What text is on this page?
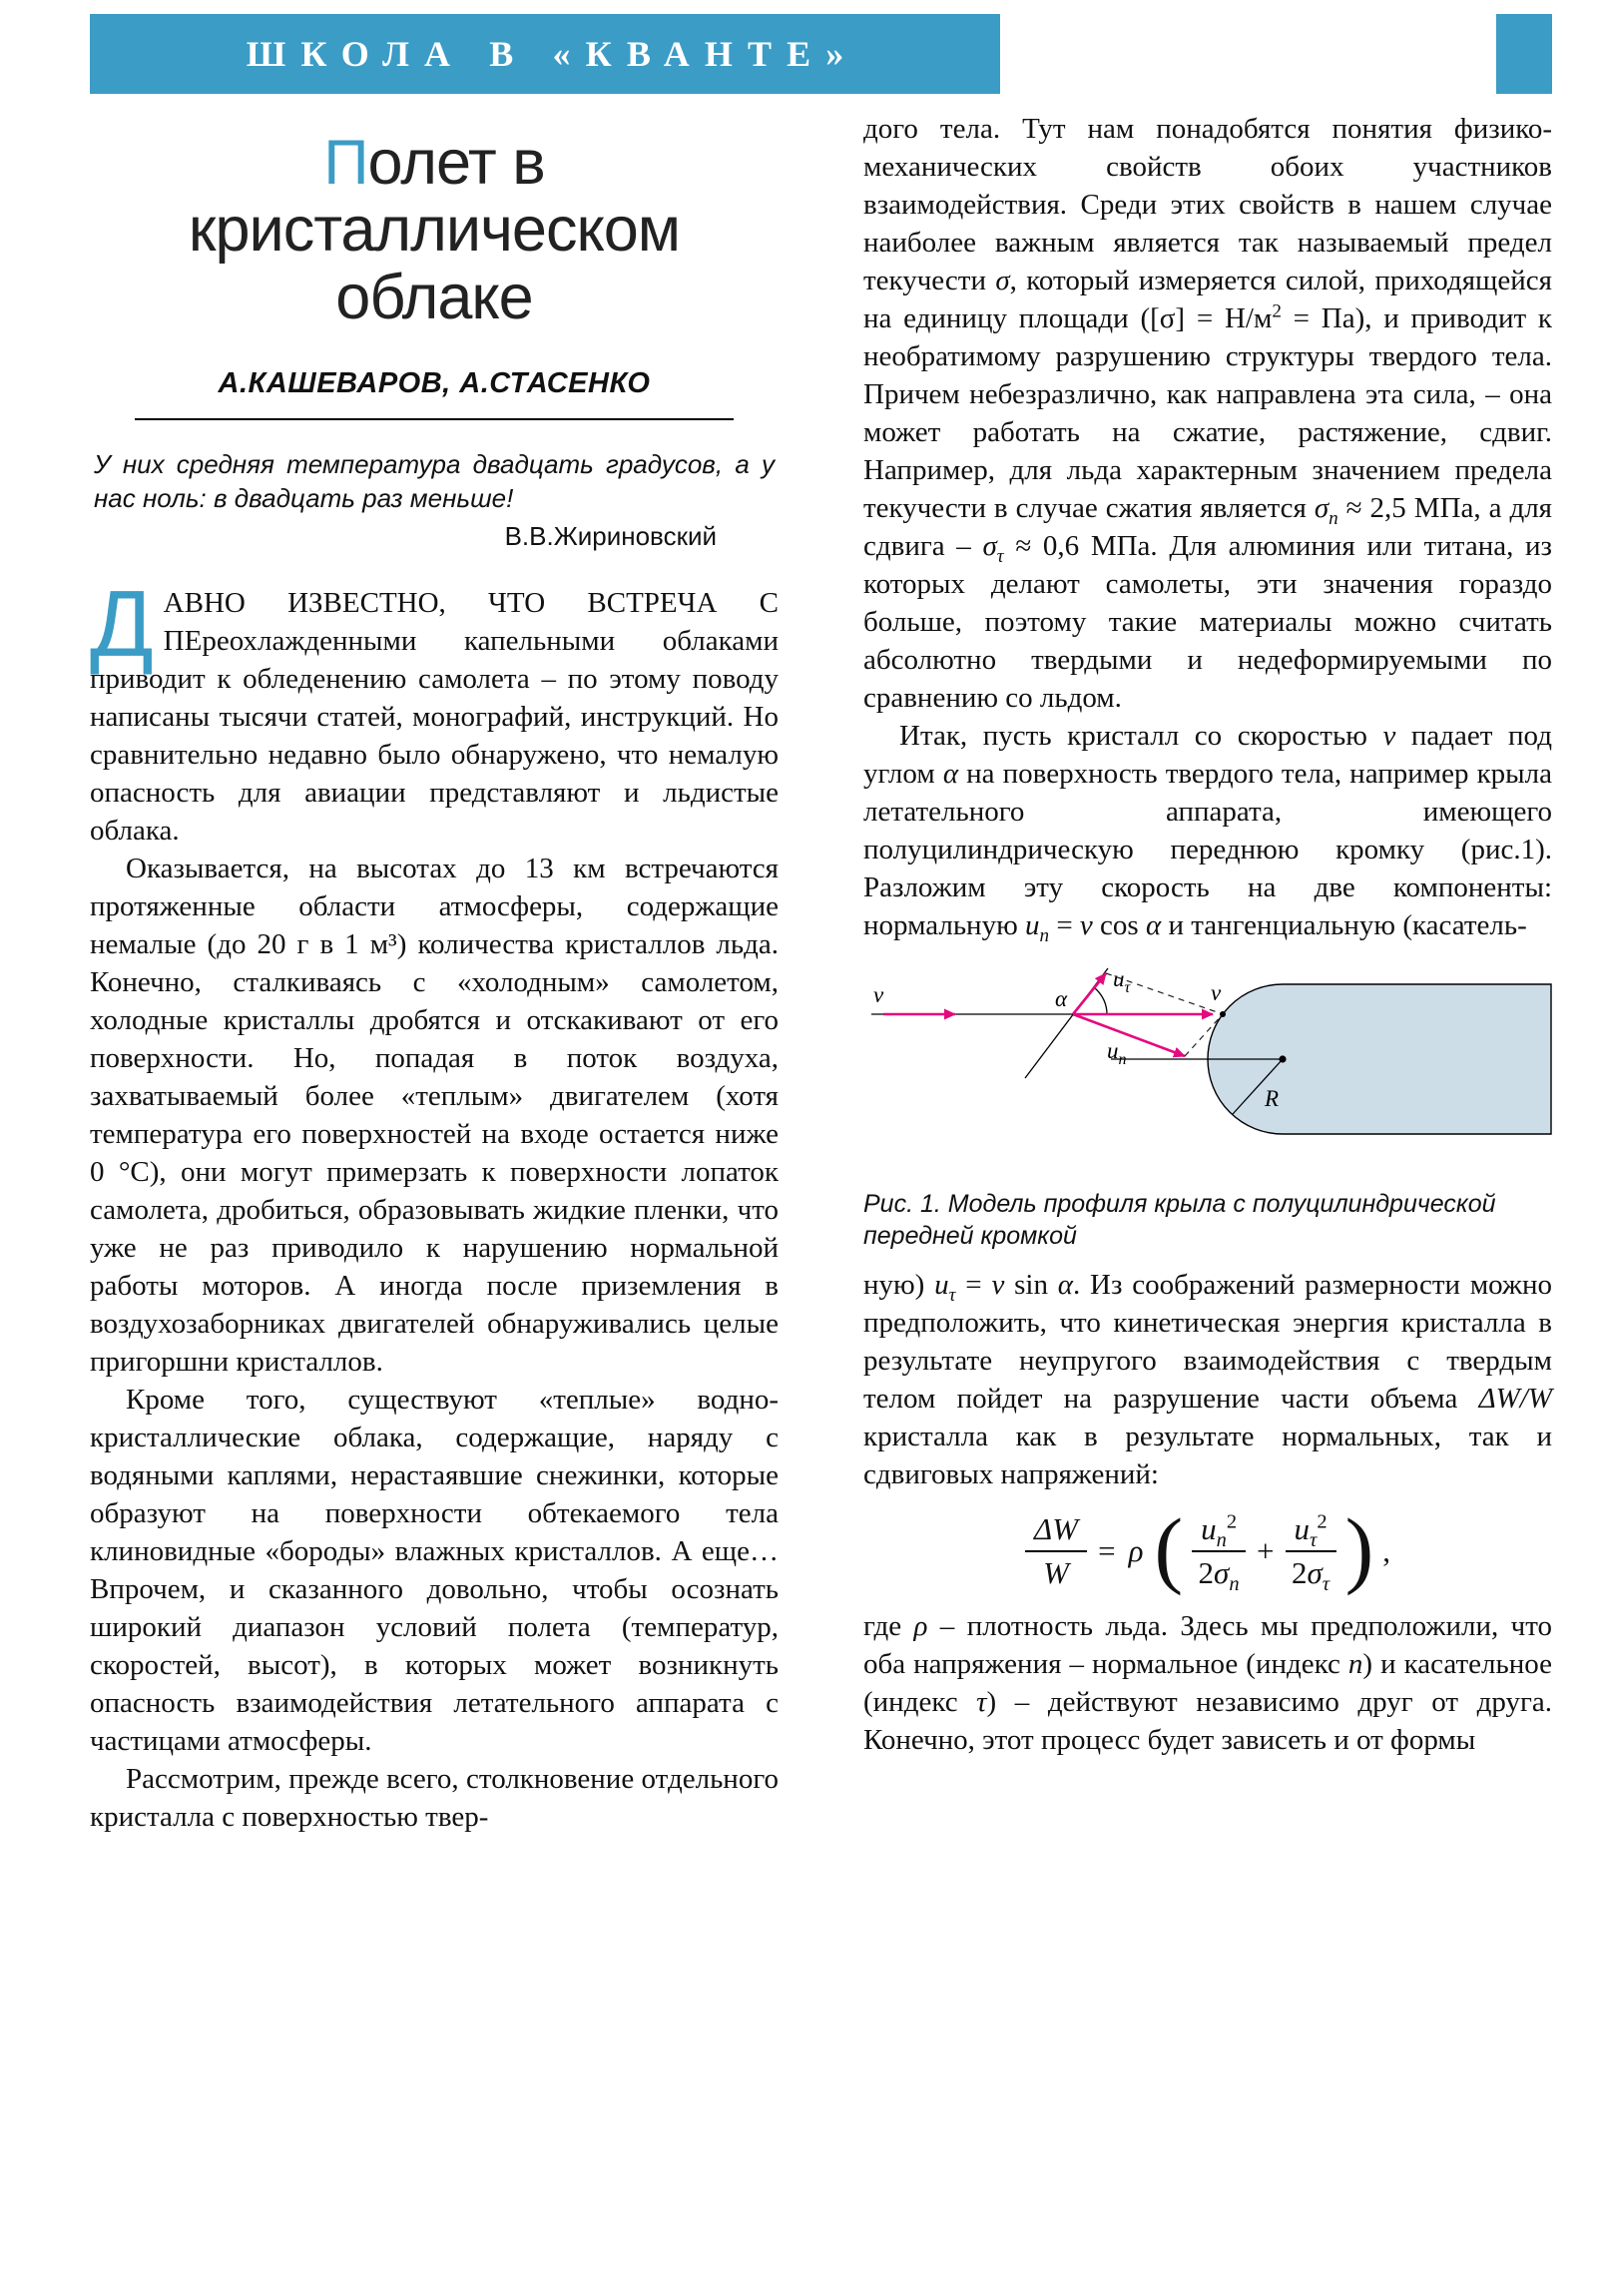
ШКОЛА В «КВАНТЕ»
Полет в кристаллическом облаке
А.КАШЕВАРОВ, А.СТАСЕНКО

У них средняя температура двадцать градусов, а у нас ноль: в двадцать раз меньше!

В.В.Жириновский

ДАВНО ИЗВЕСТНО, ЧТО ВСТРЕЧА С ПЕреохлажденными капельными облаками приводит к обледенению самолета – по этому поводу написаны тысячи статей, монографий, инструкций. Но сравнительно недавно было обнаружено, что немалую опасность для авиации представляют и льдистые облака.

Оказывается, на высотах до 13 км встречаются протяженные области атмосферы, содержащие немалые (до 20 г в 1 м³) количества кристаллов льда. Конечно, сталкиваясь с «холодным» самолетом, холодные кристаллы дробятся и отскакивают от его поверхности. Но, попадая в поток воздуха, захватываемый более «теплым» двигателем (хотя температура его поверхностей на входе остается ниже 0 °C), они могут примерзать к поверхности лопаток самолета, дробиться, образовывать жидкие пленки, что уже не раз приводило к нарушению нормальной работы моторов. А иногда после приземления в воздухозаборниках двигателей обнаруживались целые пригоршни кристаллов.

Кроме того, существуют «теплые» водно-кристаллические облака, содержащие, наряду с водяными каплями, нерастаявшие снежинки, которые образуют на поверхности обтекаемого тела клиновидные «бороды» влажных кристаллов. А еще… Впрочем, и сказанного довольно, чтобы осознать широкий диапазон условий полета (температур, скоростей, высот), в которых может возникнуть опасность взаимодействия летательного аппарата с частицами атмосферы.

Рассмотрим, прежде всего, столкновение отдельного кристалла с поверхностью твер-

дого тела. Тут нам понадобятся понятия физико-механических свойств обоих участников взаимодействия. Среди этих свойств в нашем случае наиболее важным является так называемый предел текучести σ, который измеряется силой, приходящейся на единицу площади $([\sigma] = Н/м^2 = Па)$, и приводит к необратимому разрушению структуры твердого тела. Причем небезразлично, как направлена эта сила, – она может работать на сжатие, растяжение, сдвиг. Например, для льда характерным значением предела текучести в случае сжатия является $\sigma_n \approx 2,5$ МПа, а для сдвига – $\sigma_\tau \approx 0,6$ МПа. Для алюминия или титана, из которых делают самолеты, эти значения гораздо больше, поэтому такие материалы можно считать абсолютно твердыми и недеформируемыми по сравнению со льдом.

Итак, пусть кристалл со скоростью v падает под углом α на поверхность твердого тела, например крыла летательного аппарата, имеющего полуцилиндрическую переднюю кромку (рис.1). Разложим эту скорость на две компоненты: нормальную $u_n = v$ cos α и тангенциальную (касатель-

α
v
$u_\tau$
$u_n$
v
R
Рис. 1. Модель профиля крыла с полуцилиндрической передней кромкой

ную) $u_\tau = v$ sin α. Из соображений размерности можно предположить, что кинетическая энергия кристалла в результате неупругого взаимодействия с твердым телом пойдет на разрушение части объема ΔW/W кристалла как в результате нормальных, так и сдвиговых напряжений:

$\frac{\Delta W}{W} = \rho$ ( $\frac{u_n^2}{2\sigma_n} + \frac{u_\tau^2}{2\sigma_\tau}$ ) ,

где ρ – плотность льда. Здесь мы предположили, что оба напряжения – нормальное (индекс n) и касательное (индекс τ) – действуют независимо друг от друга. Конечно, этот процесс будет зависеть и от формы
